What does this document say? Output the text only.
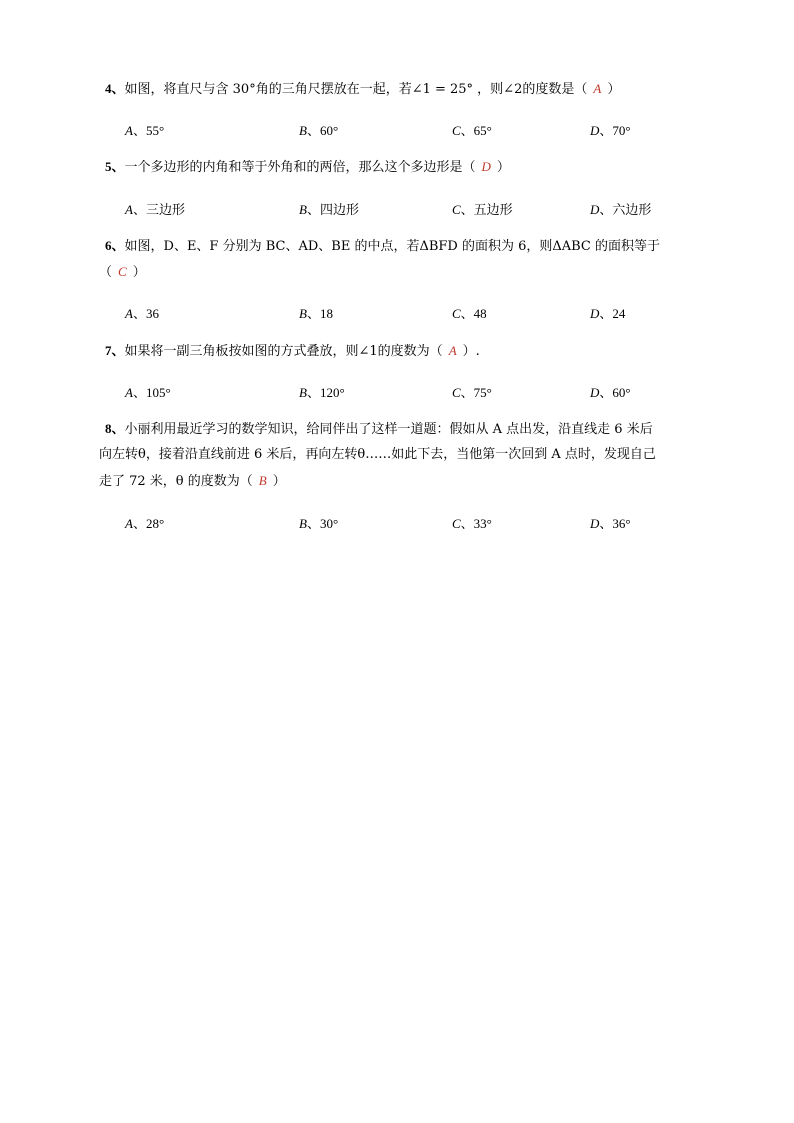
4、如图，将直尺与含 30°角的三角尺摆放在一起，若∠1 = 25° ，则∠2的度数是（ A ）
A、55°	B、60°	C、65°	D、70°
5、一个多边形的内角和等于外角和的两倍，那么这个多边形是（ D ）
A、三边形	B、四边形	C、五边形	D、六边形
6、如图，D、E、F 分别为 BC、AD、BE 的中点，若ΔBFD 的面积为 6，则ΔABC 的面积等于
（ C ）
A、36	B、18	C、48	D、24
7、如果将一副三角板按如图的方式叠放，则∠1的度数为（ A ）.
A、105°	B、120°	C、75°	D、60°
8、小丽利用最近学习的数学知识，给同伴出了这样一道题：假如从 A 点出发，沿直线走 6 米后
向左转θ，接着沿直线前进 6 米后，再向左转θ……如此下去，当他第一次回到 A 点时，发现自己
走了 72 米，θ 的度数为（ B ）
A、28°	B、30°	C、33°	D、36°
